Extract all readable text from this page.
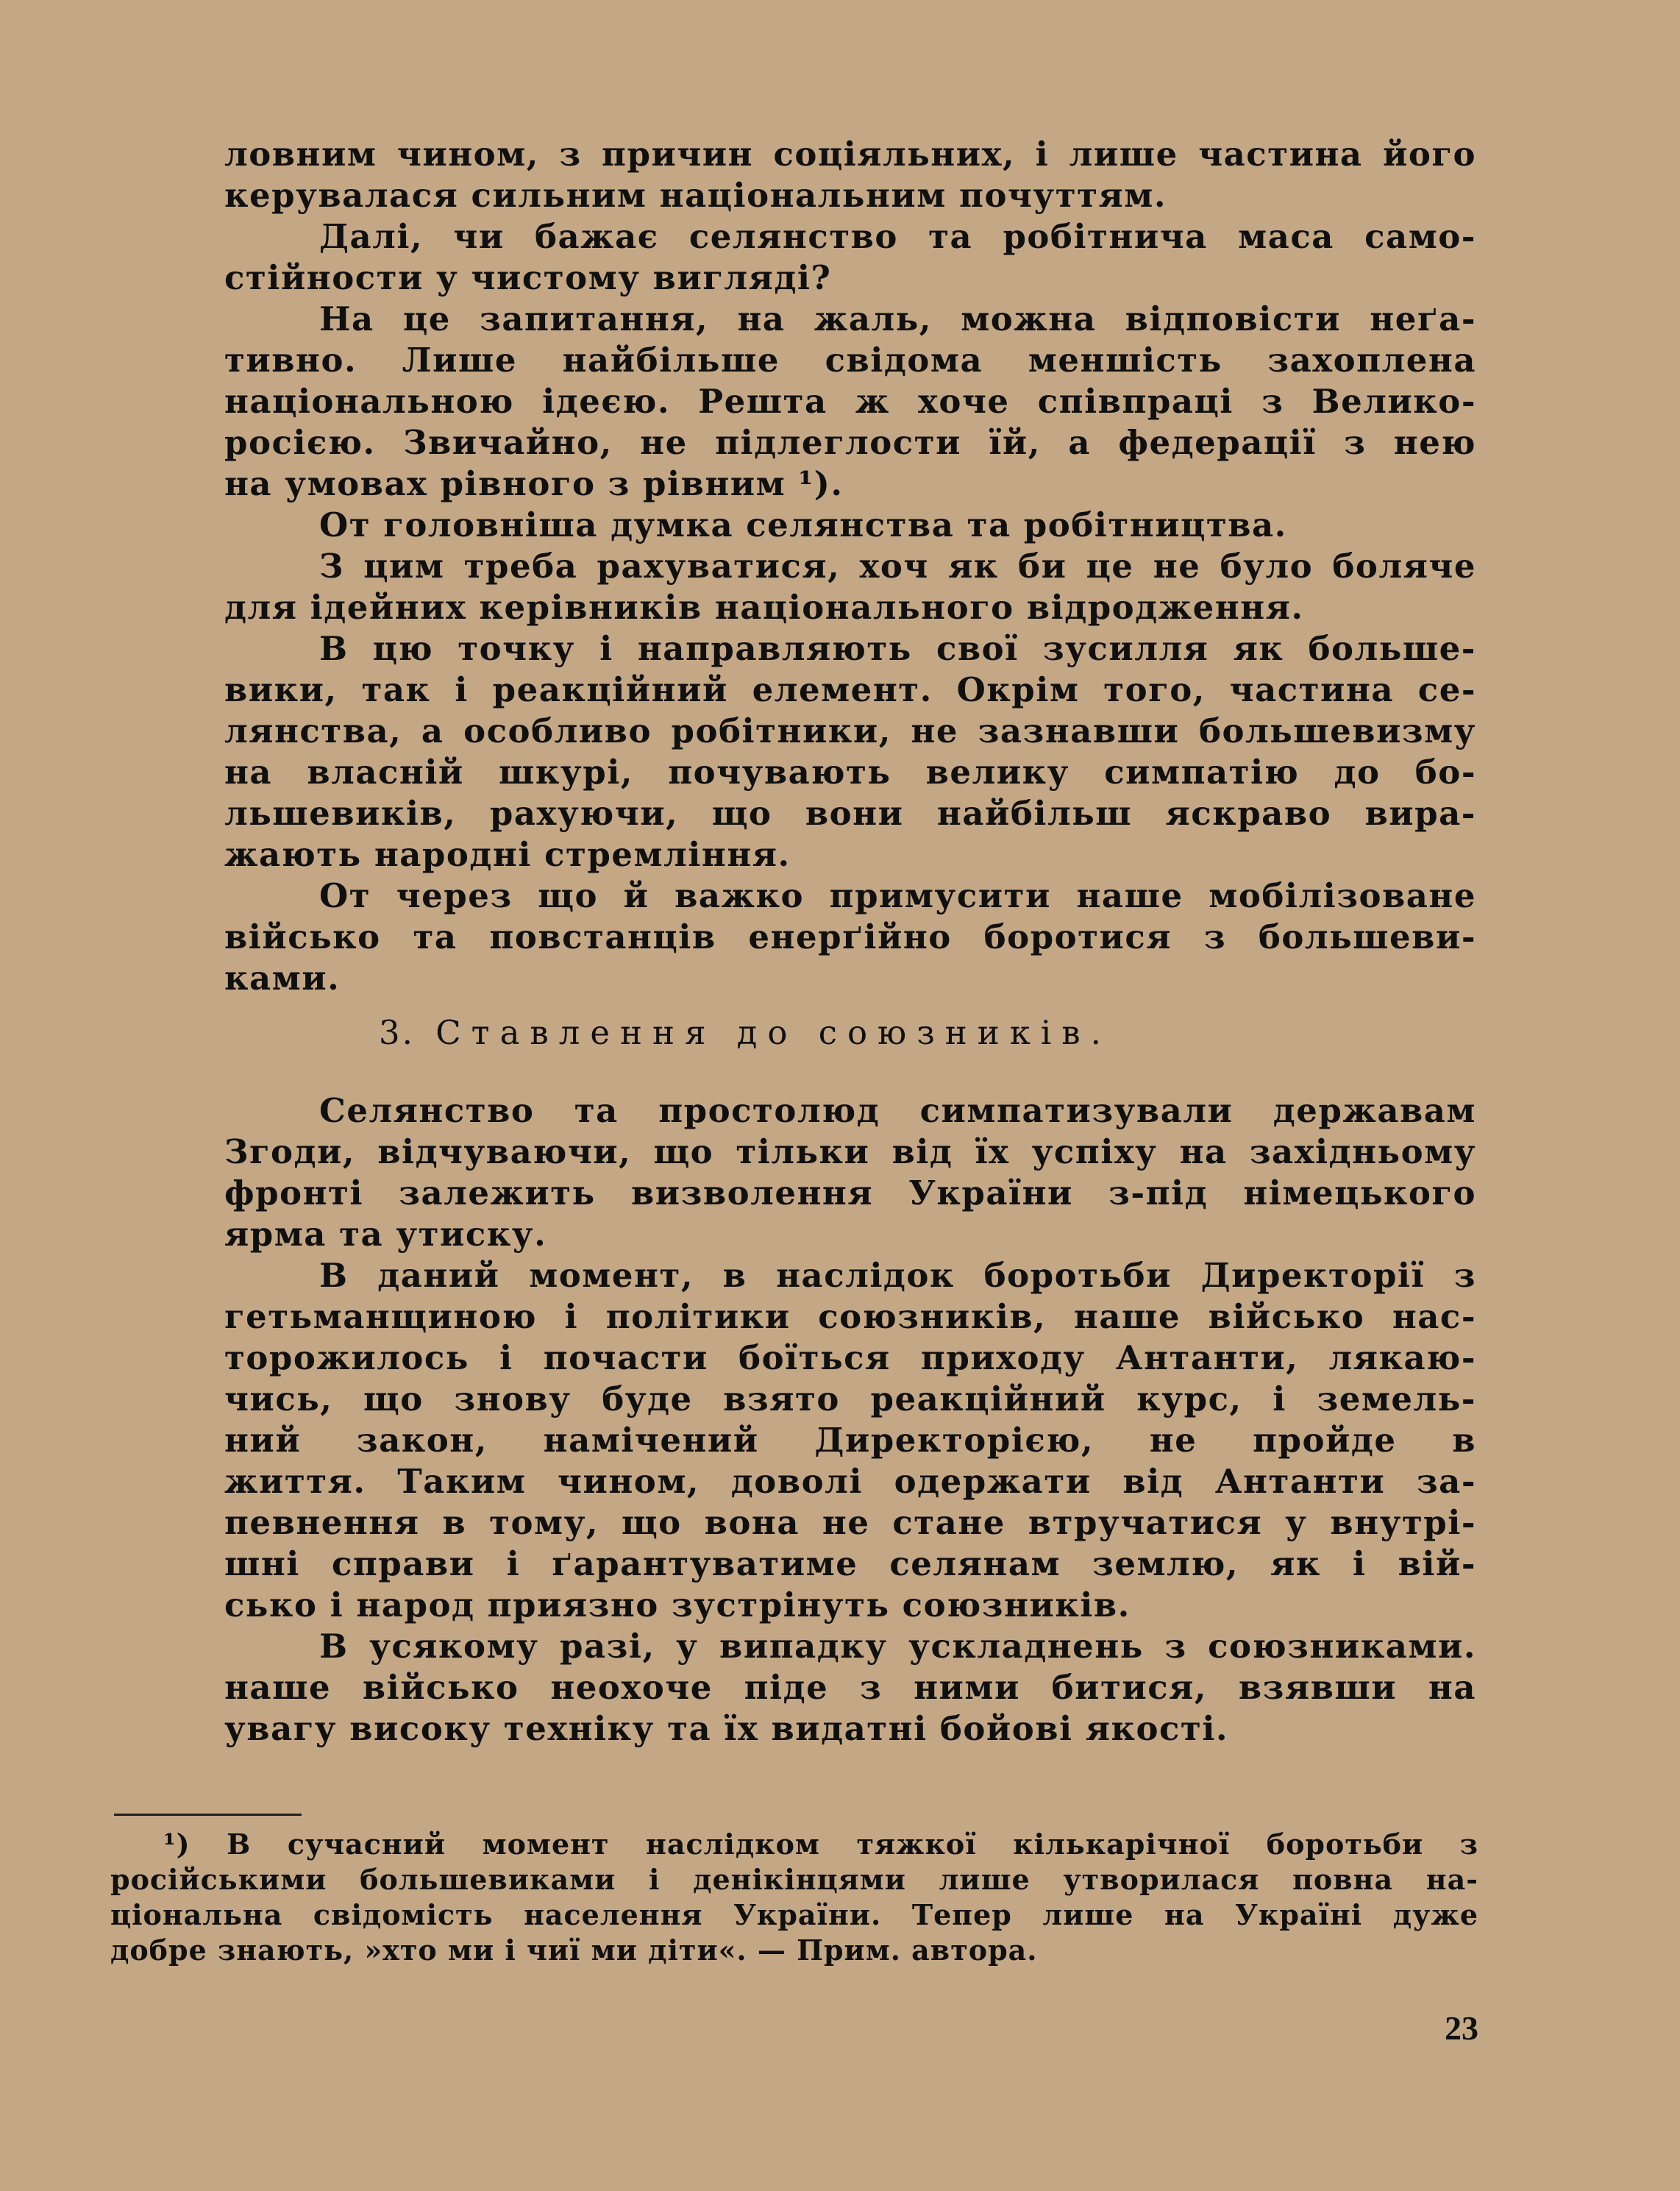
ловним чином, з причин соціяльних, і лише частина його
керувалася сильним національним почуттям.
Далі, чи бажає селянство та робітнича маса само-
стійности у чистому вигляді?
На це запитання, на жаль, можна відповісти неґа-
тивно. Лише найбільше свідома меншість захоплена
національною ідеєю. Решта ж хоче співпраці з Велико-
росією. Звичайно, не підлеглости їй, а федерації з нею
на умовах рівного з рівним ¹).
От головніша думка селянства та робітництва.
З цим треба рахуватися, хоч як би це не було боляче
для ідейних керівників національного відродження.
В цю точку і направляють свої зусилля як больше-
вики, так і реакційний елемент. Окрім того, частина се-
лянства, а особливо робітники, не зазнавши большевизму
на власній шкурі, почувають велику симпатію до бо-
льшевиків, рахуючи, що вони найбільш яскраво вира-
жають народні стремління.
От через що й важко примусити наше мобілізоване
військо та повстанців енерґійно боротися з большеви-
ками.
3. Ставлення до союзників.
Селянство та простолюд симпатизували державам
Згоди, відчуваючи, що тільки від їх успіху на західньому
фронті залежить визволення України з-під німецького
ярма та утиску.
В даний момент, в наслідок боротьби Директорії з
гетьманщиною і політики союзників, наше військо нас-
торожилось і почасти боїться приходу Антанти, лякаю-
чись, що знову буде взято реакційний курс, і земель-
ний закон, намічений Директорією, не пройде в
життя. Таким чином, доволі одержати від Антанти за-
певнення в тому, що вона не стане втручатися у внутрі-
шні справи і ґарантуватиме селянам землю, як і вій-
сько і народ приязно зустрінуть союзників.
В усякому разі, у випадку ускладнень з союзниками.
наше військо неохоче піде з ними битися, взявши на
увагу високу техніку та їх видатні бойові якості.
¹) В сучасний момент наслідком тяжкої кількарічної боротьби з
російськими большевиками і денікінцями лише утворилася повна на-
ціональна свідомість населення України. Тепер лише на Україні дуже
добре знають, »хто ми і чиї ми діти«. — Прим. автора.
23
